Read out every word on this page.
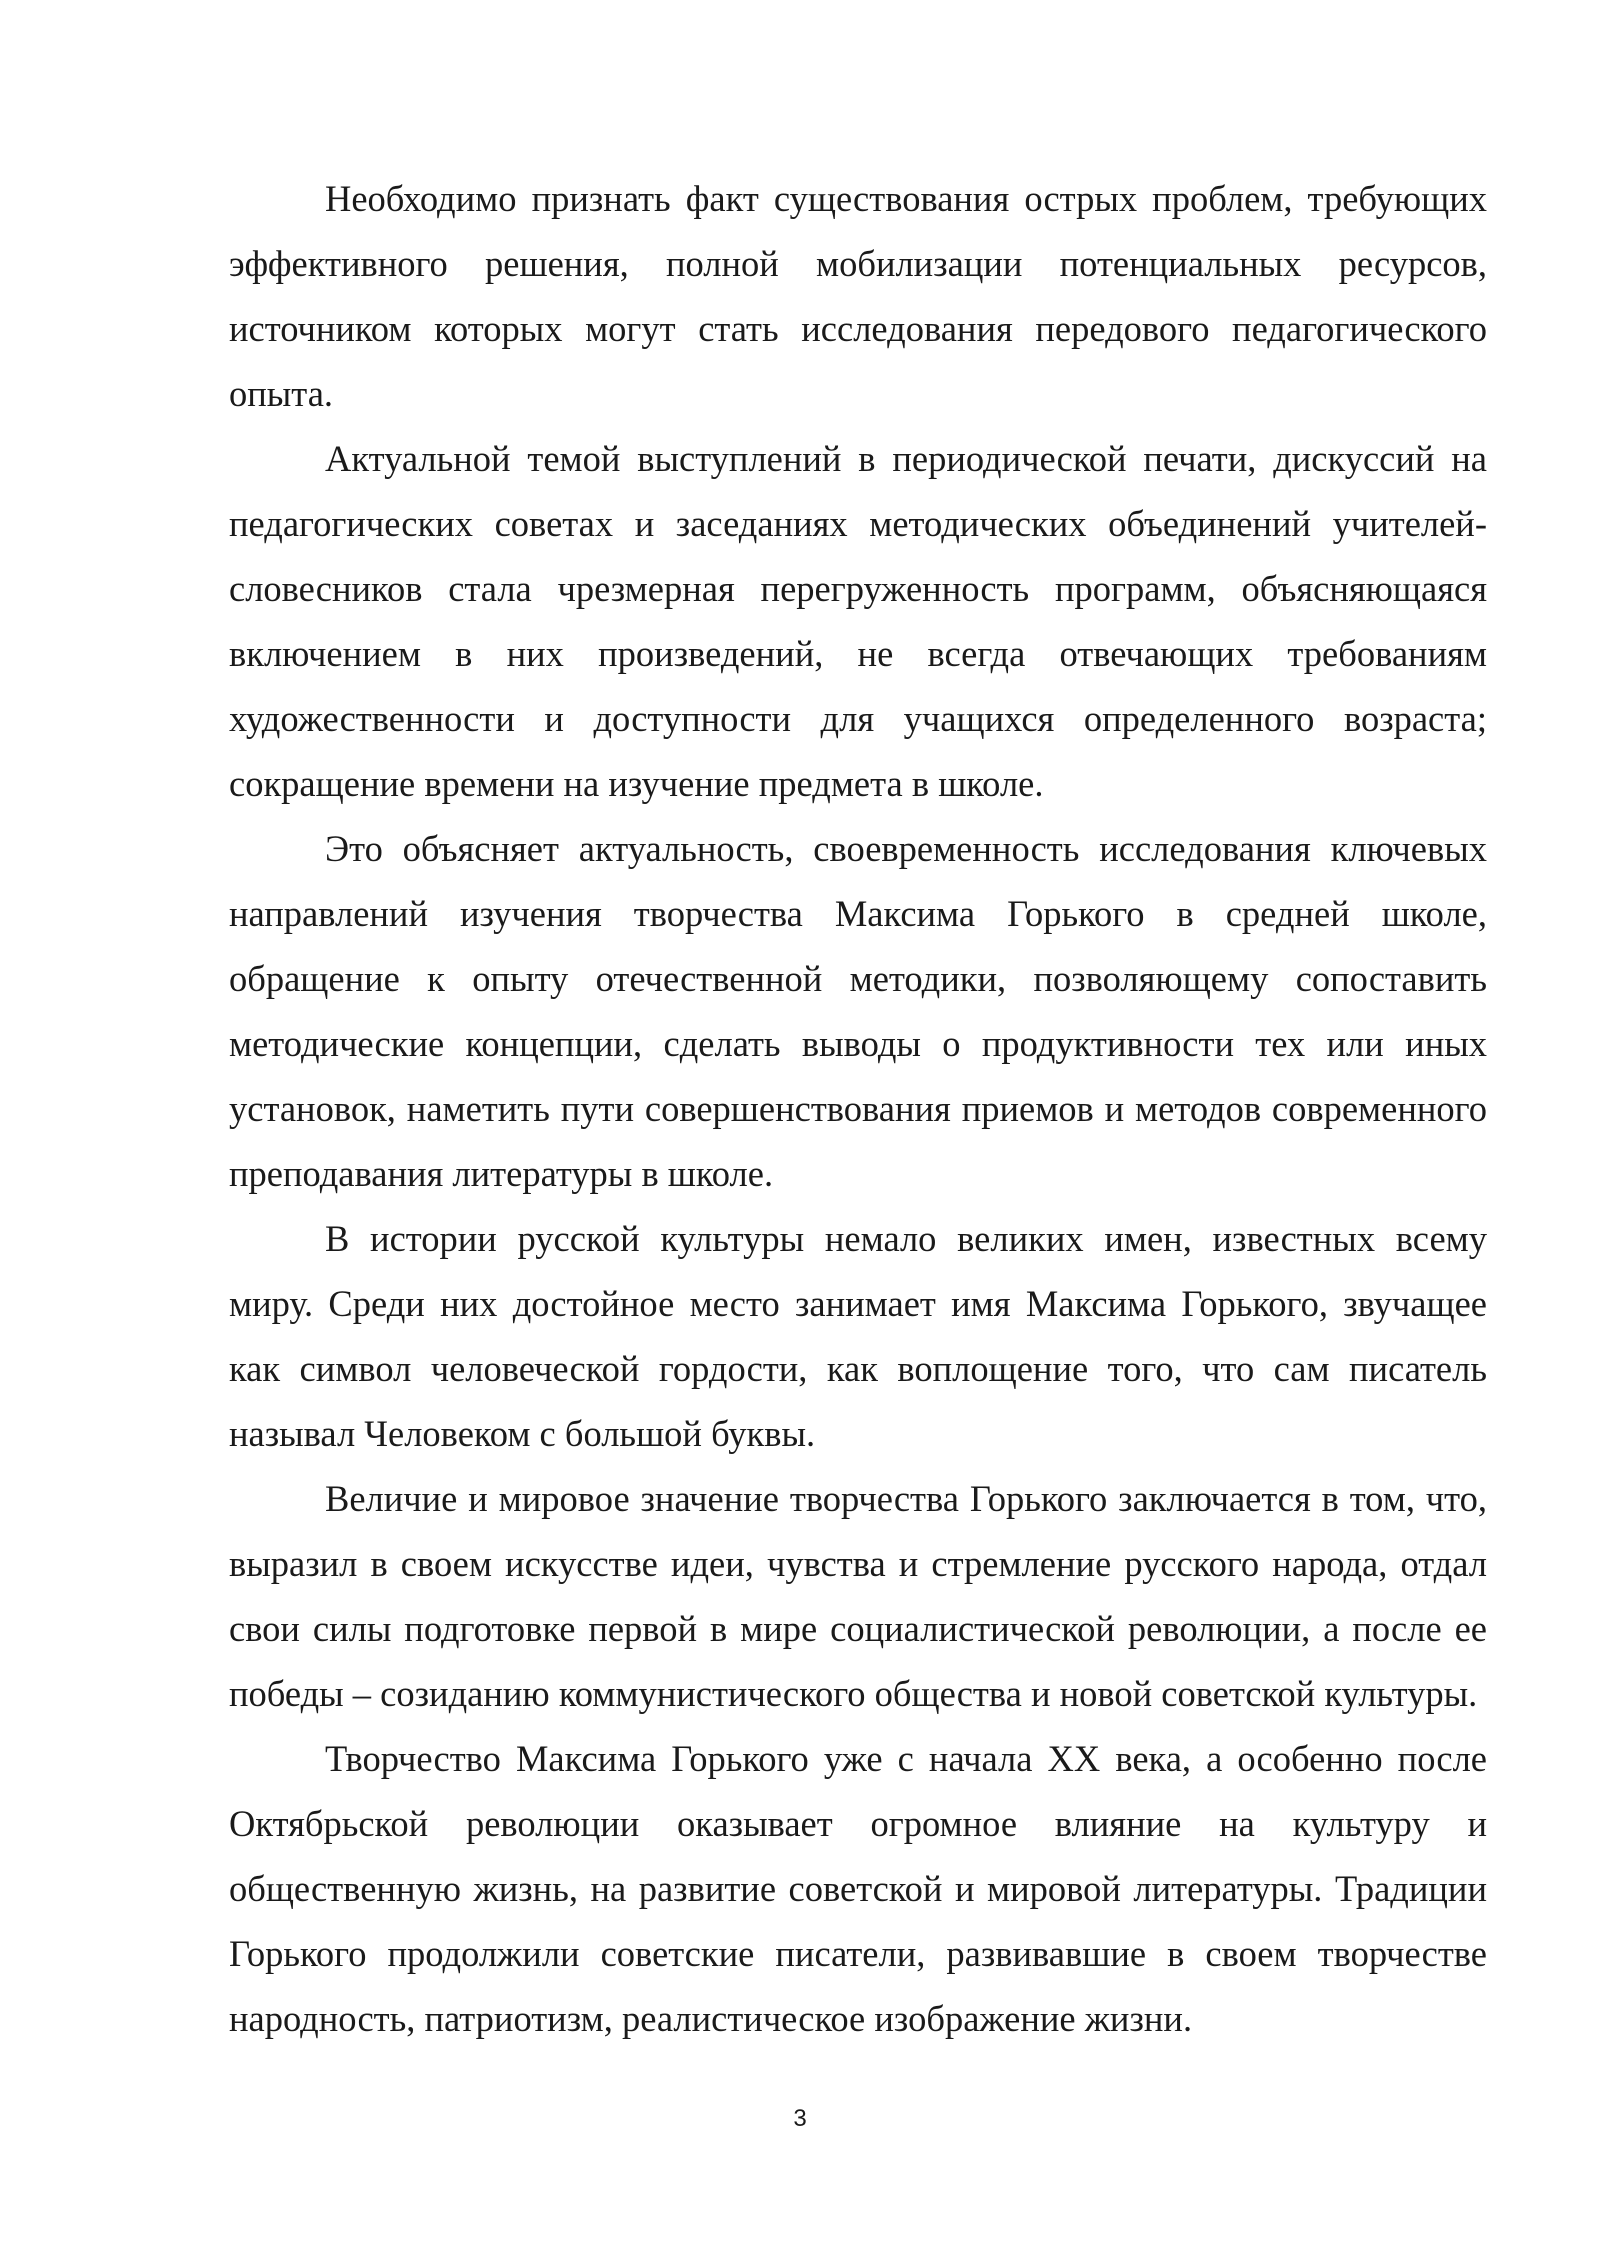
Необходимо признать факт существования острых проблем, требующих эффективного решения, полной мобилизации потенциальных ресурсов, источником которых могут стать исследования передового педагогического опыта.

Актуальной темой выступлений в периодической печати, дискуссий на педагогических советах и заседаниях методических объединений учителей-словесников стала чрезмерная перегруженность программ, объясняющаяся включением в них произведений, не всегда отвечающих требованиям художественности и доступности для учащихся определенного возраста; сокращение времени на изучение предмета в школе.

Это объясняет актуальность, своевременность исследования ключевых направлений изучения творчества Максима Горького в средней школе, обращение к опыту отечественной методики, позволяющему сопоставить методические концепции, сделать выводы о продуктивности тех или иных установок, наметить пути совершенствования приемов и методов современного преподавания литературы в школе.

В истории русской культуры немало великих имен, известных всему миру. Среди них достойное место занимает имя Максима Горького, звучащее как символ человеческой гордости, как воплощение того, что сам писатель называл Человеком с большой буквы.

Величие и мировое значение творчества Горького заключается в том, что, выразил в своем искусстве идеи, чувства и стремление русского народа, отдал свои силы подготовке первой в мире социалистической революции, а после ее победы – созиданию коммунистического общества и новой советской культуры.

Творчество Максима Горького уже с начала XX века, а особенно после Октябрьской революции оказывает огромное влияние на культуру и общественную жизнь, на развитие советской и мировой литературы. Традиции Горького продолжили советские писатели, развивавшие в своем творчестве народность, патриотизм, реалистическое изображение жизни.

3
